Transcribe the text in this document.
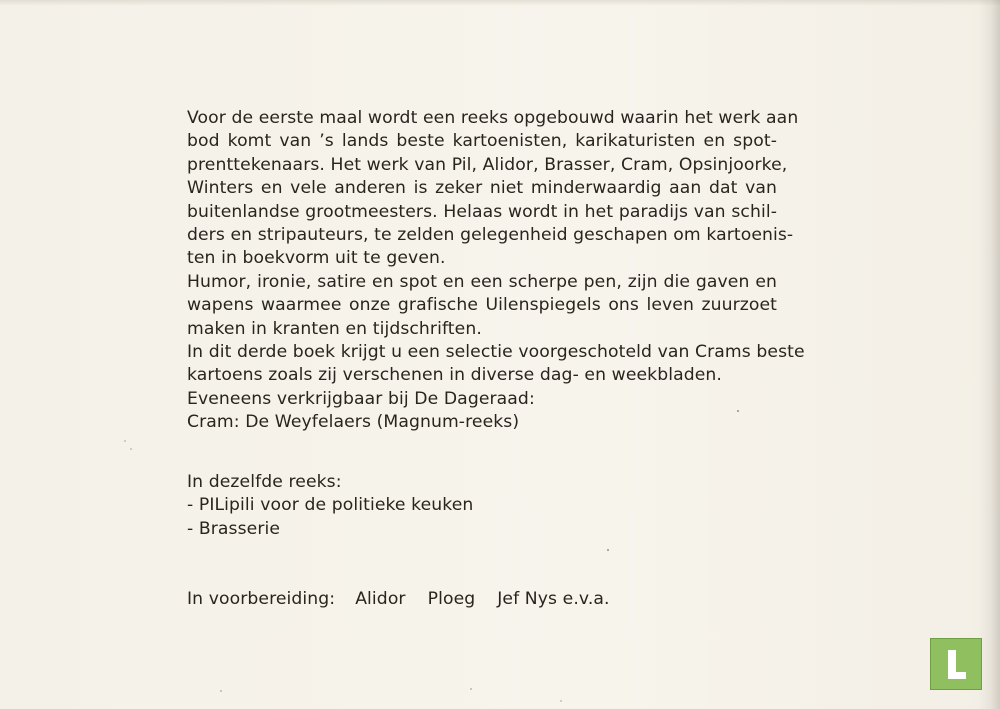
Voor de eerste maal wordt een reeks opgebouwd waarin het werk aan
bod komt van ’s lands beste kartoenisten, karikaturisten en spot-
prenttekenaars. Het werk van Pil, Alidor, Brasser, Cram, Opsinjoorke,
Winters en vele anderen is zeker niet minderwaardig aan dat van
buitenlandse grootmeesters. Helaas wordt in het paradijs van schil-
ders en stripauteurs, te zelden gelegenheid geschapen om kartoenis-
ten in boekvorm uit te geven.
Humor, ironie, satire en spot en een scherpe pen, zijn die gaven en
wapens waarmee onze grafische Uilenspiegels ons leven zuurzoet
maken in kranten en tijdschriften.
In dit derde boek krijgt u een selectie voorgeschoteld van Crams beste
kartoens zoals zij verschenen in diverse dag- en weekbladen.
Eveneens verkrijgbaar bij De Dageraad:
Cram: De Weyfelaers (Magnum-reeks)
In dezelfde reeks:
- PILipili voor de politieke keuken
- Brasserie
In voorbereiding: Alidor Ploeg Jef Nys e.v.a.
